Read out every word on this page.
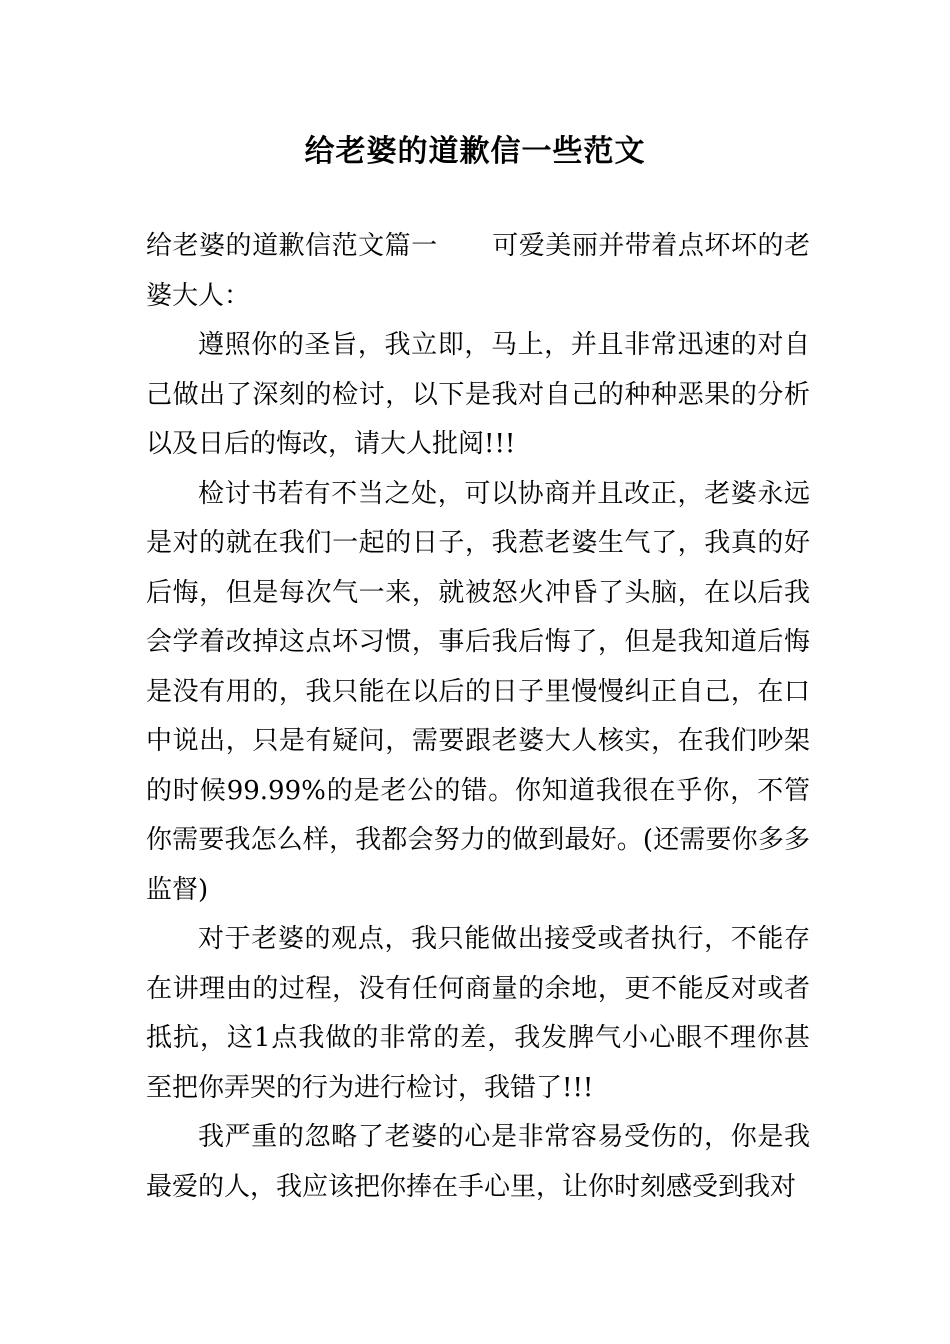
给老婆的道歉信一些范文

给老婆的道歉信范文篇一 可爱美丽并带着点坏坏的老婆大人：

遵照你的圣旨，我立即，马上，并且非常迅速的对自己做出了深刻的检讨，以下是我对自己的种种恶果的分析以及日后的悔改，请大人批阅!!!

检讨书若有不当之处，可以协商并且改正，老婆永远是对的就在我们一起的日子，我惹老婆生气了，我真的好后悔，但是每次气一来，就被怒火冲昏了头脑，在以后我会学着改掉这点坏习惯，事后我后悔了，但是我知道后悔是没有用的，我只能在以后的日子里慢慢纠正自己，在口中说出，只是有疑问，需要跟老婆大人核实，在我们吵架的时候99.99%的是老公的错。你知道我很在乎你，不管你需要我怎么样，我都会努力的做到最好。(还需要你多多监督)

对于老婆的观点，我只能做出接受或者执行，不能存在讲理由的过程，没有任何商量的余地，更不能反对或者抵抗，这1点我做的非常的差，我发脾气小心眼不理你甚至把你弄哭的行为进行检讨，我错了!!!

我严重的忽略了老婆的心是非常容易受伤的，你是我最爱的人，我应该把你捧在手心里，让你时刻感受到我对
